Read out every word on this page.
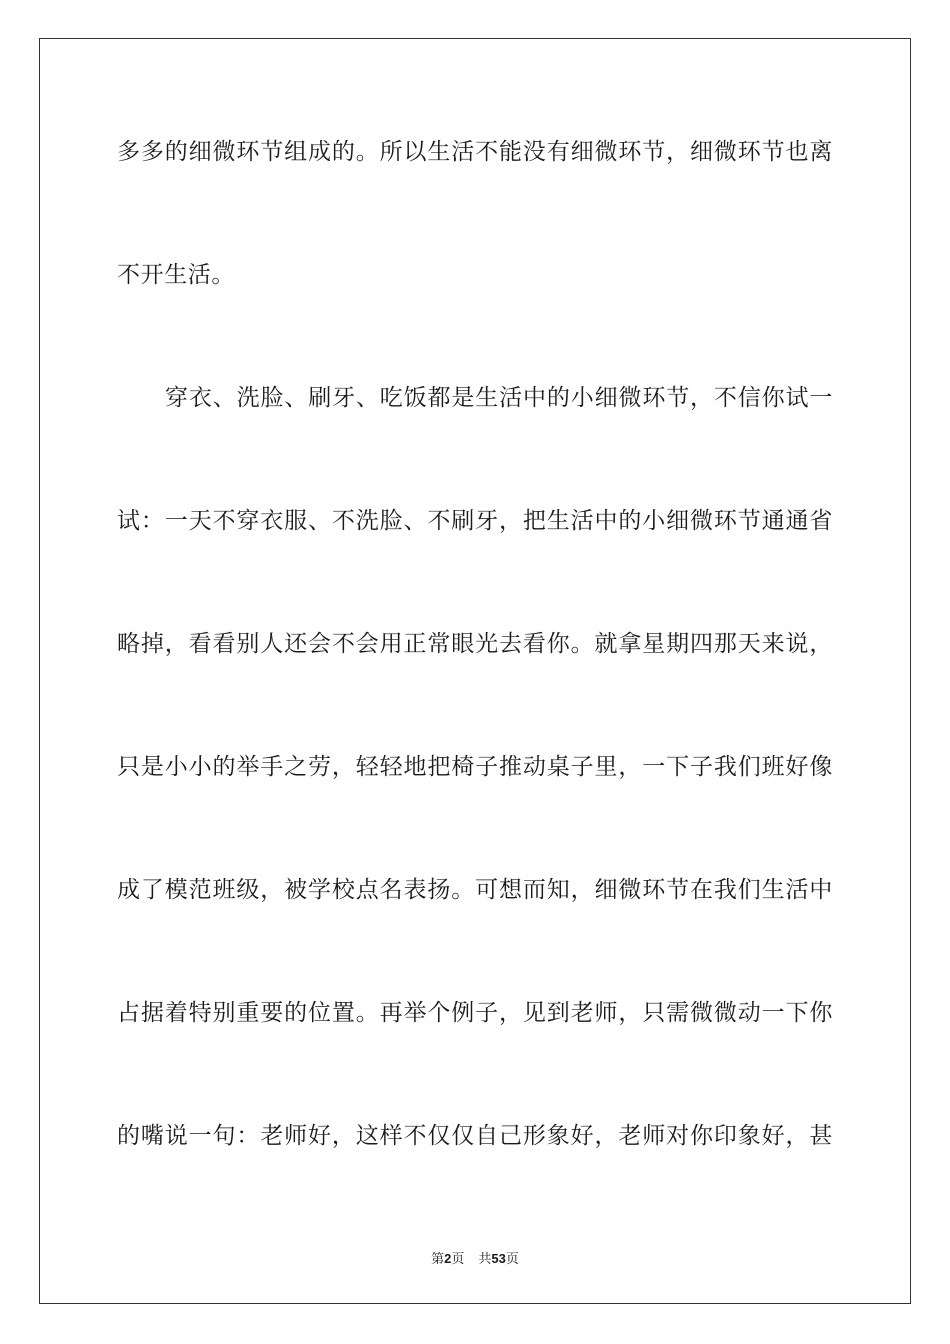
多多的细微环节组成的。所以生活不能没有细微环节，细微环节也离
不开生活。
穿衣、洗脸、刷牙、吃饭都是生活中的小细微环节，不信你试一
试：一天不穿衣服、不洗脸、不刷牙，把生活中的小细微环节通通省
略掉，看看别人还会不会用正常眼光去看你。就拿星期四那天来说，
只是小小的举手之劳，轻轻地把椅子推动桌子里，一下子我们班好像
成了模范班级，被学校点名表扬。可想而知，细微环节在我们生活中
占据着特别重要的位置。再举个例子，见到老师，只需微微动一下你
的嘴说一句：老师好，这样不仅仅自己形象好，老师对你印象好，甚
第2页 共53页
